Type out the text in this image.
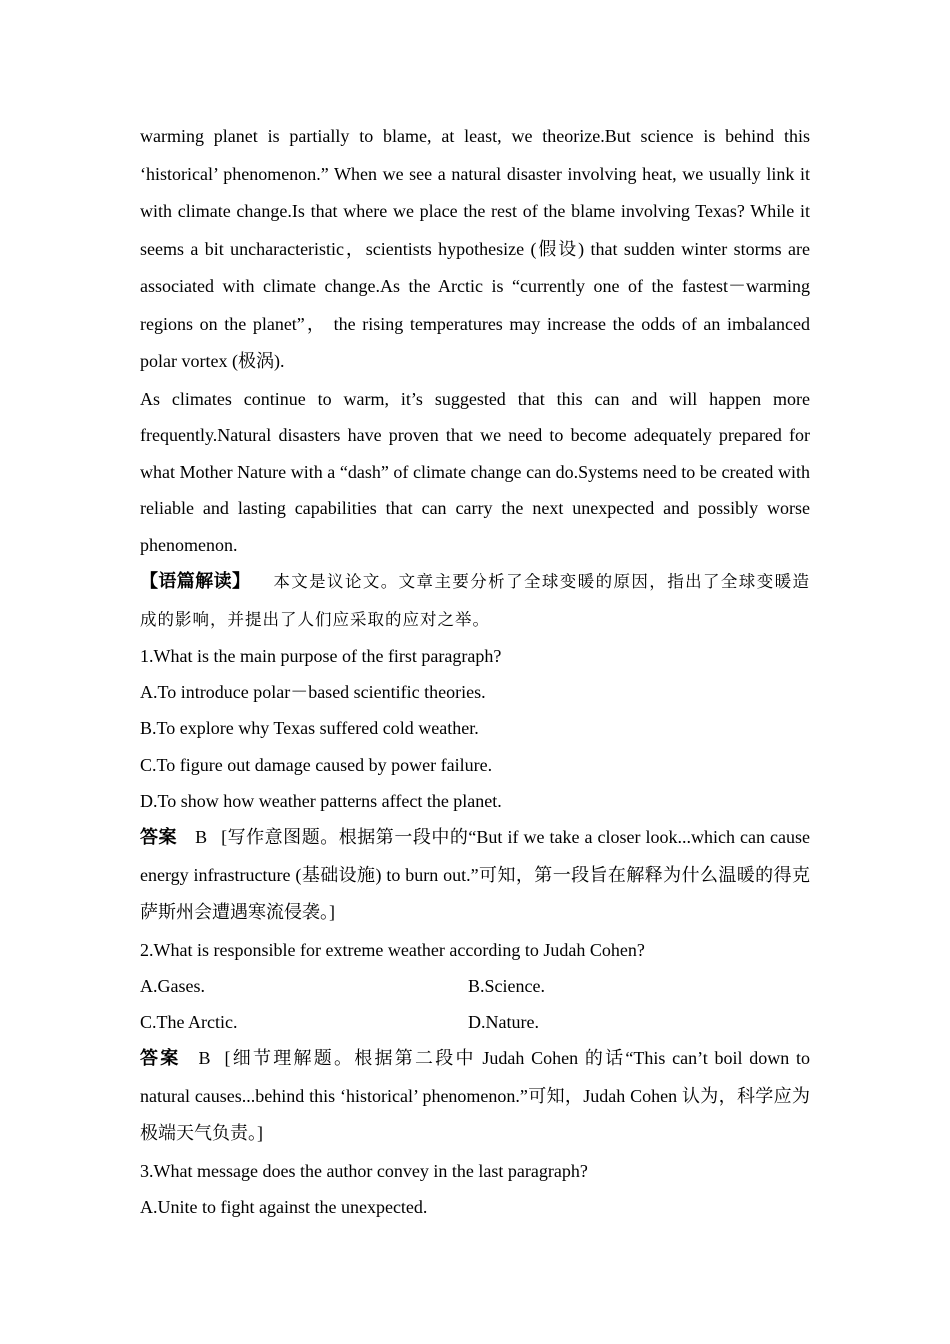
warming planet is partially to blame, at least, we theorize.But science is behind this ‘historical’ phenomenon.” When we see a natural disaster involving heat, we usually link it with climate change.Is that where we place the rest of the blame involving Texas? While it seems a bit uncharacteristic，scientists hypothesize (假设) that sudden winter storms are associated with climate change.As the Arctic is “currently one of the fastest－warming regions on the planet”， the rising temperatures may increase the odds of an imbalanced polar vortex (极涡).

As climates continue to warm, it’s suggested that this can and will happen more frequently.Natural disasters have proven that we need to become adequately prepared for what Mother Nature with a “dash” of climate change can do.Systems need to be created with reliable and lasting capabilities that can carry the next unexpected and possibly worse phenomenon.

【语篇解读】 本文是议论文。文章主要分析了全球变暖的原因，指出了全球变暖造成的影响，并提出了人们应采取的应对之举。

1.What is the main purpose of the first paragraph?

A.To introduce polar－based scientific theories.

B.To explore why Texas suffered cold weather.

C.To figure out damage caused by power failure.

D.To show how weather patterns affect the planet.

答案 B [写作意图题。根据第一段中的“But if we take a closer look...which can cause energy infrastructure (基础设施) to burn out.”可知，第一段旨在解释为什么温暖的得克萨斯州会遭遇寒流侵袭。]

2.What is responsible for extreme weather according to Judah Cohen?

A.Gases.	B.Science.
C.The Arctic.	D.Nature.

答案 B [细节理解题。根据第二段中 Judah Cohen 的话“This can’t boil down to natural causes...behind this ‘historical’ phenomenon.”可知，Judah Cohen 认为，科学应为极端天气负责。]

3.What message does the author convey in the last paragraph?

A.Unite to fight against the unexpected.
